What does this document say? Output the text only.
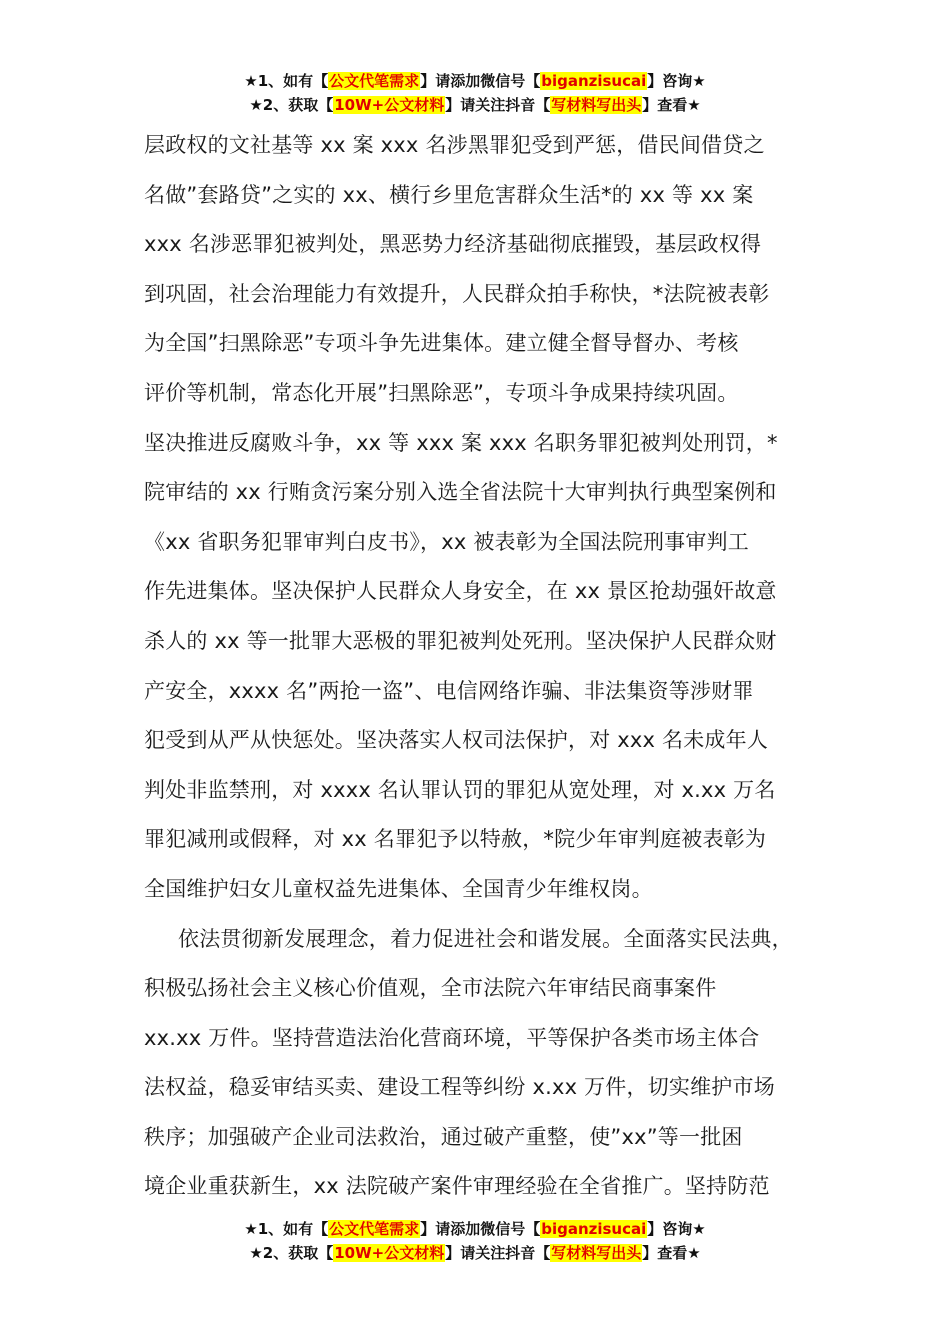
★1、如有【公文代笔需求】请添加微信号【biganzisucai】咨询★
★2、获取【10W+公文材料】请关注抖音【写材料写出头】查看★

层政权的文社基等 xx 案 xxx 名涉黑罪犯受到严惩，借民间借贷之
名做”套路贷”之实的 xx、横行乡里危害群众生活*的 xx 等 xx 案
xxx 名涉恶罪犯被判处，黑恶势力经济基础彻底摧毁，基层政权得
到巩固，社会治理能力有效提升，人民群众拍手称快，*法院被表彰
为全国”扫黑除恶”专项斗争先进集体。建立健全督导督办、考核
评价等机制，常态化开展”扫黑除恶”，专项斗争成果持续巩固。
坚决推进反腐败斗争，xx 等 xxx 案 xxx 名职务罪犯被判处刑罚，*
院审结的 xx 行贿贪污案分别入选全省法院十大审判执行典型案例和
《xx 省职务犯罪审判白皮书》，xx 被表彰为全国法院刑事审判工
作先进集体。坚决保护人民群众人身安全，在 xx 景区抢劫强奸故意
杀人的 xx 等一批罪大恶极的罪犯被判处死刑。坚决保护人民群众财
产安全，xxxx 名”两抢一盗”、电信网络诈骗、非法集资等涉财罪
犯受到从严从快惩处。坚决落实人权司法保护，对 xxx 名未成年人
判处非监禁刑，对 xxxx 名认罪认罚的罪犯从宽处理，对 x.xx 万名
罪犯减刑或假释，对 xx 名罪犯予以特赦，*院少年审判庭被表彰为
全国维护妇女儿童权益先进集体、全国青少年维权岗。

依法贯彻新发展理念，着力促进社会和谐发展。全面落实民法典，
积极弘扬社会主义核心价值观，全市法院六年审结民商事案件
xx.xx 万件。坚持营造法治化营商环境，平等保护各类市场主体合
法权益，稳妥审结买卖、建设工程等纠纷 x.xx 万件，切实维护市场
秩序；加强破产企业司法救治，通过破产重整，使”xx”等一批困
境企业重获新生，xx 法院破产案件审理经验在全省推广。坚持防范

★1、如有【公文代笔需求】请添加微信号【biganzisucai】咨询★
★2、获取【10W+公文材料】请关注抖音【写材料写出头】查看★
